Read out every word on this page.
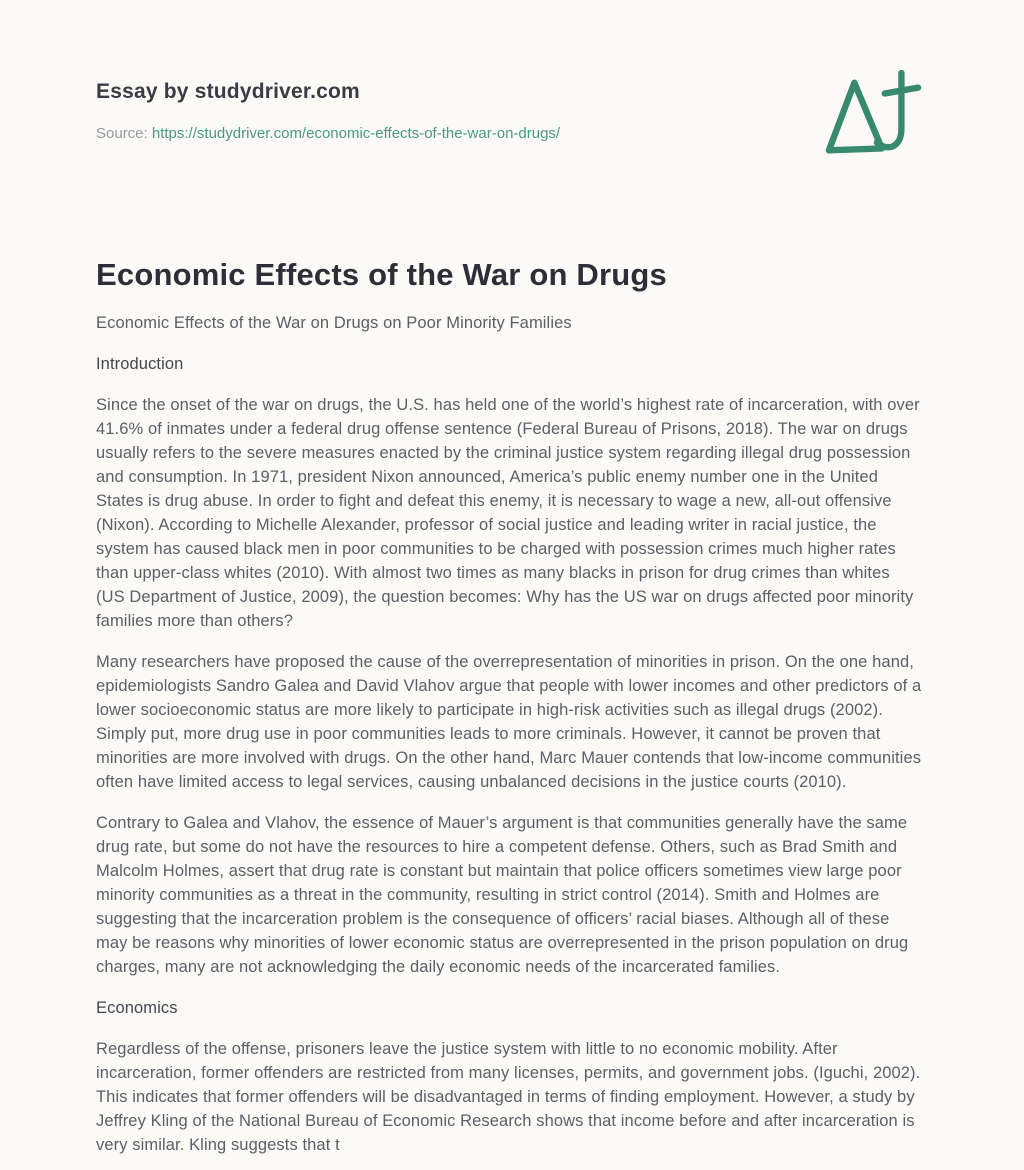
Essay by studydriver.com
Source: https://studydriver.com/economic-effects-of-the-war-on-drugs/
Economic Effects of the War on Drugs

Economic Effects of the War on Drugs on Poor Minority Families

Introduction

Since the onset of the war on drugs, the U.S. has held one of the world’s highest rate of incarceration, with over 41.6% of inmates under a federal drug offense sentence (Federal Bureau of Prisons, 2018). The war on drugs usually refers to the severe measures enacted by the criminal justice system regarding illegal drug possession and consumption. In 1971, president Nixon announced, America’s public enemy number one in the United States is drug abuse. In order to fight and defeat this enemy, it is necessary to wage a new, all-out offensive (Nixon). According to Michelle Alexander, professor of social justice and leading writer in racial justice, the system has caused black men in poor communities to be charged with possession crimes much higher rates than upper-class whites (2010). With almost two times as many blacks in prison for drug crimes than whites (US Department of Justice, 2009), the question becomes: Why has the US war on drugs affected poor minority families more than others?

Many researchers have proposed the cause of the overrepresentation of minorities in prison. On the one hand, epidemiologists Sandro Galea and David Vlahov argue that people with lower incomes and other predictors of a lower socioeconomic status are more likely to participate in high-risk activities such as illegal drugs (2002). Simply put, more drug use in poor communities leads to more criminals. However, it cannot be proven that minorities are more involved with drugs. On the other hand, Marc Mauer contends that low-income communities often have limited access to legal services, causing unbalanced decisions in the justice courts (2010).

Contrary to Galea and Vlahov, the essence of Mauer’s argument is that communities generally have the same drug rate, but some do not have the resources to hire a competent defense. Others, such as Brad Smith and Malcolm Holmes, assert that drug rate is constant but maintain that police officers sometimes view large poor minority communities as a threat in the community, resulting in strict control (2014). Smith and Holmes are suggesting that the incarceration problem is the consequence of officers’ racial biases. Although all of these may be reasons why minorities of lower economic status are overrepresented in the prison population on drug charges, many are not acknowledging the daily economic needs of the incarcerated families.

Economics

Regardless of the offense, prisoners leave the justice system with little to no economic mobility. After incarceration, former offenders are restricted from many licenses, permits, and government jobs. (Iguchi, 2002). This indicates that former offenders will be disadvantaged in terms of finding employment. However, a study by Jeffrey Kling of the National Bureau of Economic Research shows that income before and after incarceration is very similar. Kling suggests that t
